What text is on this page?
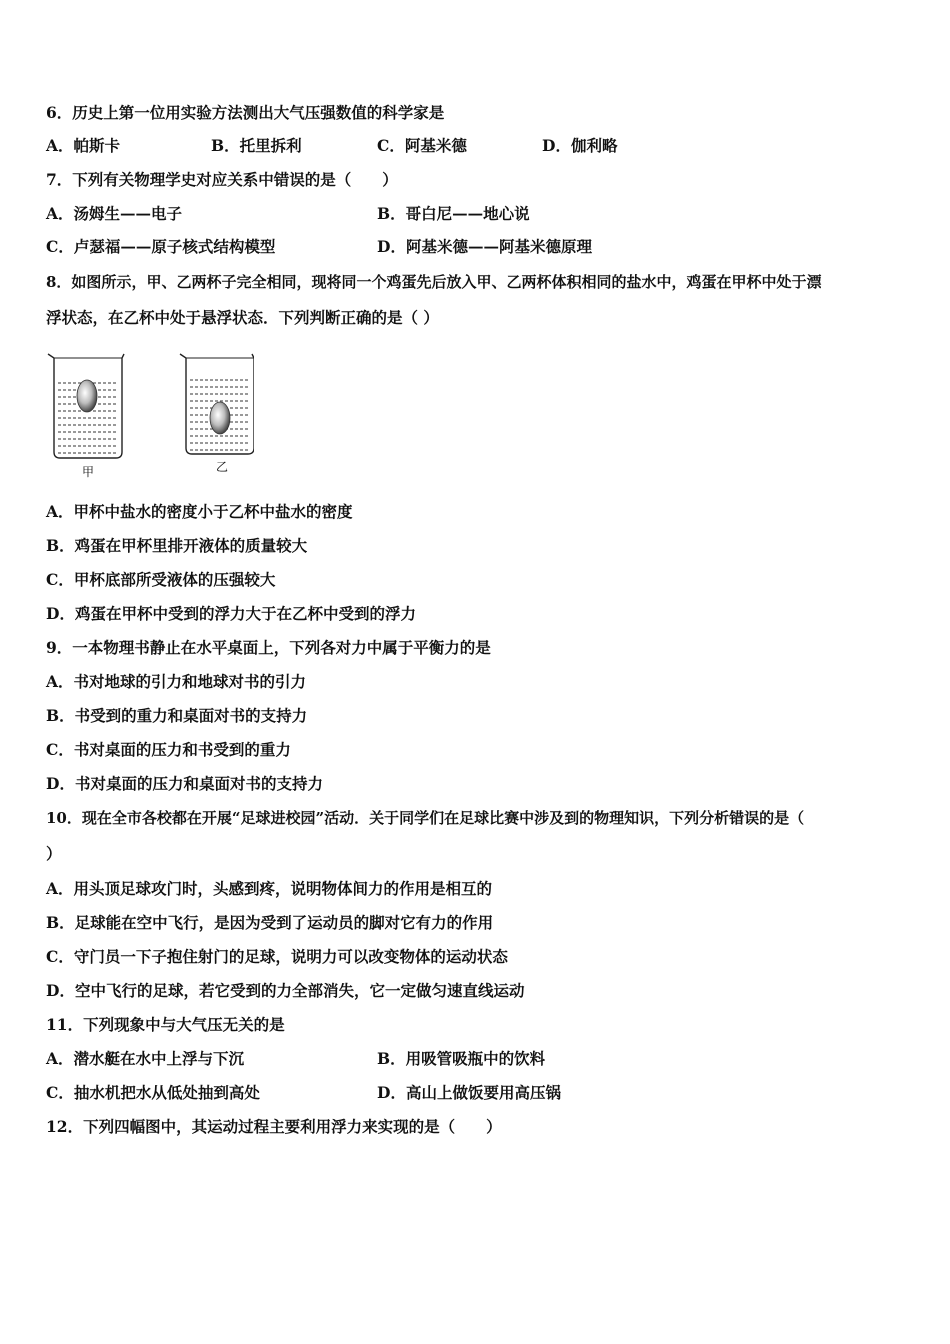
6．历史上第一位用实验方法测出大气压强数值的科学家是
A．帕斯卡	B．托里拆利	C．阿基米德	D．伽利略
7．下列有关物理学史对应关系中错误的是（　　）
A．汤姆生——电子	B．哥白尼——地心说
C．卢瑟福——原子核式结构模型	D．阿基米德——阿基米德原理
8．如图所示，甲、乙两杯子完全相同，现将同一个鸡蛋先后放入甲、乙两杯体积相同的盐水中，鸡蛋在甲杯中处于漂
浮状态，在乙杯中处于悬浮状态．下列判断正确的是（ ）
甲	乙
A．甲杯中盐水的密度小于乙杯中盐水的密度
B．鸡蛋在甲杯里排开液体的质量较大
C．甲杯底部所受液体的压强较大
D．鸡蛋在甲杯中受到的浮力大于在乙杯中受到的浮力
9．一本物理书静止在水平桌面上，下列各对力中属于平衡力的是
A．书对地球的引力和地球对书的引力
B．书受到的重力和桌面对书的支持力
C．书对桌面的压力和书受到的重力
D．书对桌面的压力和桌面对书的支持力
10．现在全市各校都在开展“足球进校园”活动．关于同学们在足球比赛中涉及到的物理知识，下列分析错误的是（
）
A．用头顶足球攻门时，头感到疼，说明物体间力的作用是相互的
B．足球能在空中飞行，是因为受到了运动员的脚对它有力的作用
C．守门员一下子抱住射门的足球，说明力可以改变物体的运动状态
D．空中飞行的足球，若它受到的力全部消失，它一定做匀速直线运动
11．下列现象中与大气压无关的是
A．潜水艇在水中上浮与下沉	B．用吸管吸瓶中的饮料
C．抽水机把水从低处抽到高处	D．高山上做饭要用高压锅
12．下列四幅图中，其运动过程主要利用浮力来实现的是（　　）
